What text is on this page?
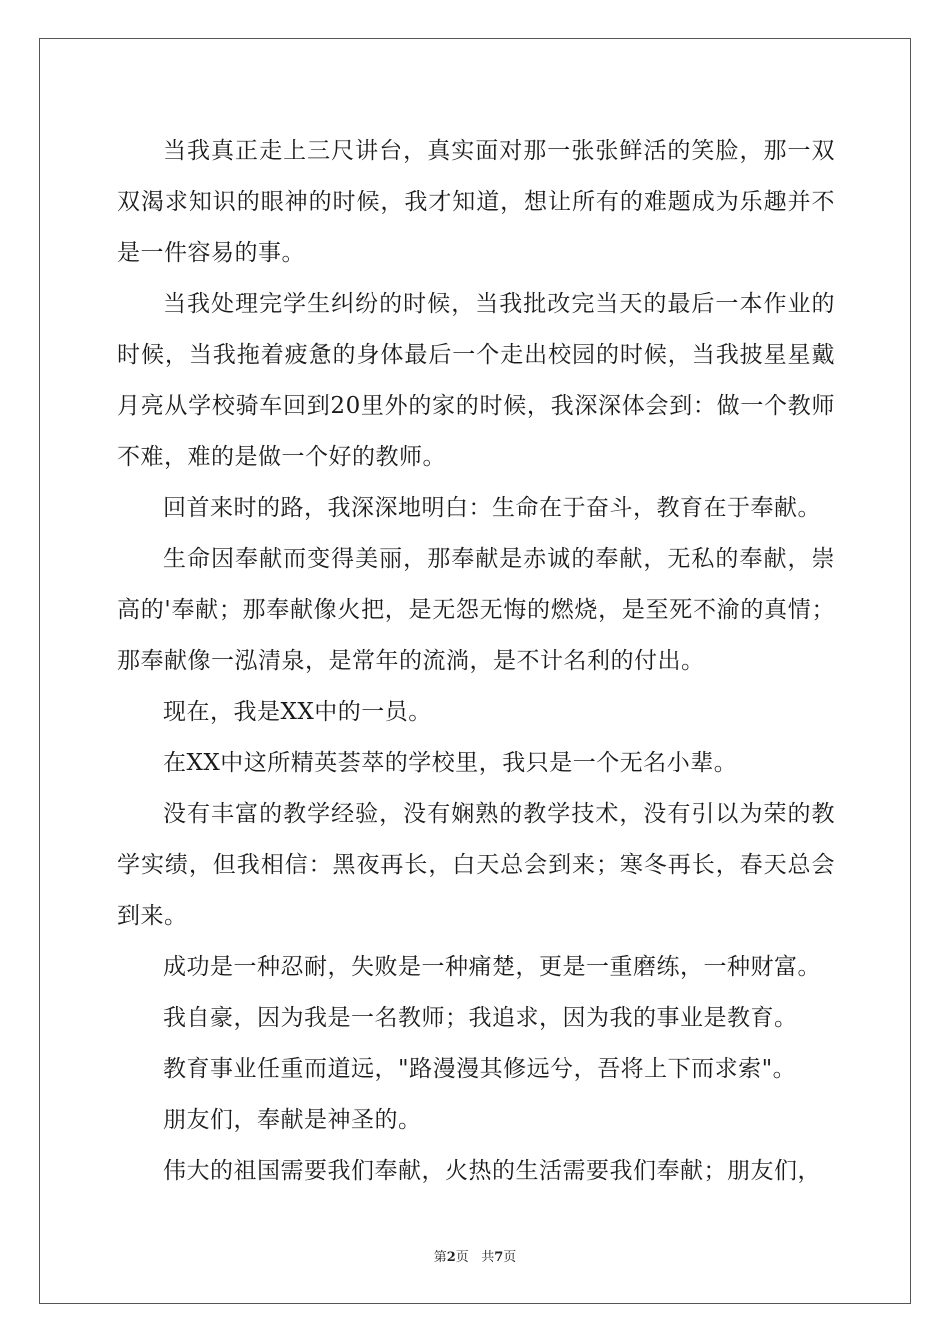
当我真正走上三尺讲台，真实面对那一张张鲜活的笑脸，那一双双渴求知识的眼神的时候，我才知道，想让所有的难题成为乐趣并不是一件容易的事。

当我处理完学生纠纷的时候，当我批改完当天的最后一本作业的时候，当我拖着疲惫的身体最后一个走出校园的时候，当我披星星戴月亮从学校骑车回到20里外的家的时候，我深深体会到：做一个教师不难，难的是做一个好的教师。

回首来时的路，我深深地明白：生命在于奋斗，教育在于奉献。

生命因奉献而变得美丽，那奉献是赤诚的奉献，无私的奉献，崇高的'奉献；那奉献像火把，是无怨无悔的燃烧，是至死不渝的真情；那奉献像一泓清泉，是常年的流淌，是不计名利的付出。

现在，我是XX中的一员。

在XX中这所精英荟萃的学校里，我只是一个无名小辈。

没有丰富的教学经验，没有娴熟的教学技术，没有引以为荣的教学实绩，但我相信：黑夜再长，白天总会到来；寒冬再长，春天总会到来。

成功是一种忍耐，失败是一种痛楚，更是一重磨练，一种财富。

我自豪，因为我是一名教师；我追求，因为我的事业是教育。

教育事业任重而道远，"路漫漫其修远兮，吾将上下而求索"。

朋友们，奉献是神圣的。

伟大的祖国需要我们奉献，火热的生活需要我们奉献；朋友们，

第2页 共7页
